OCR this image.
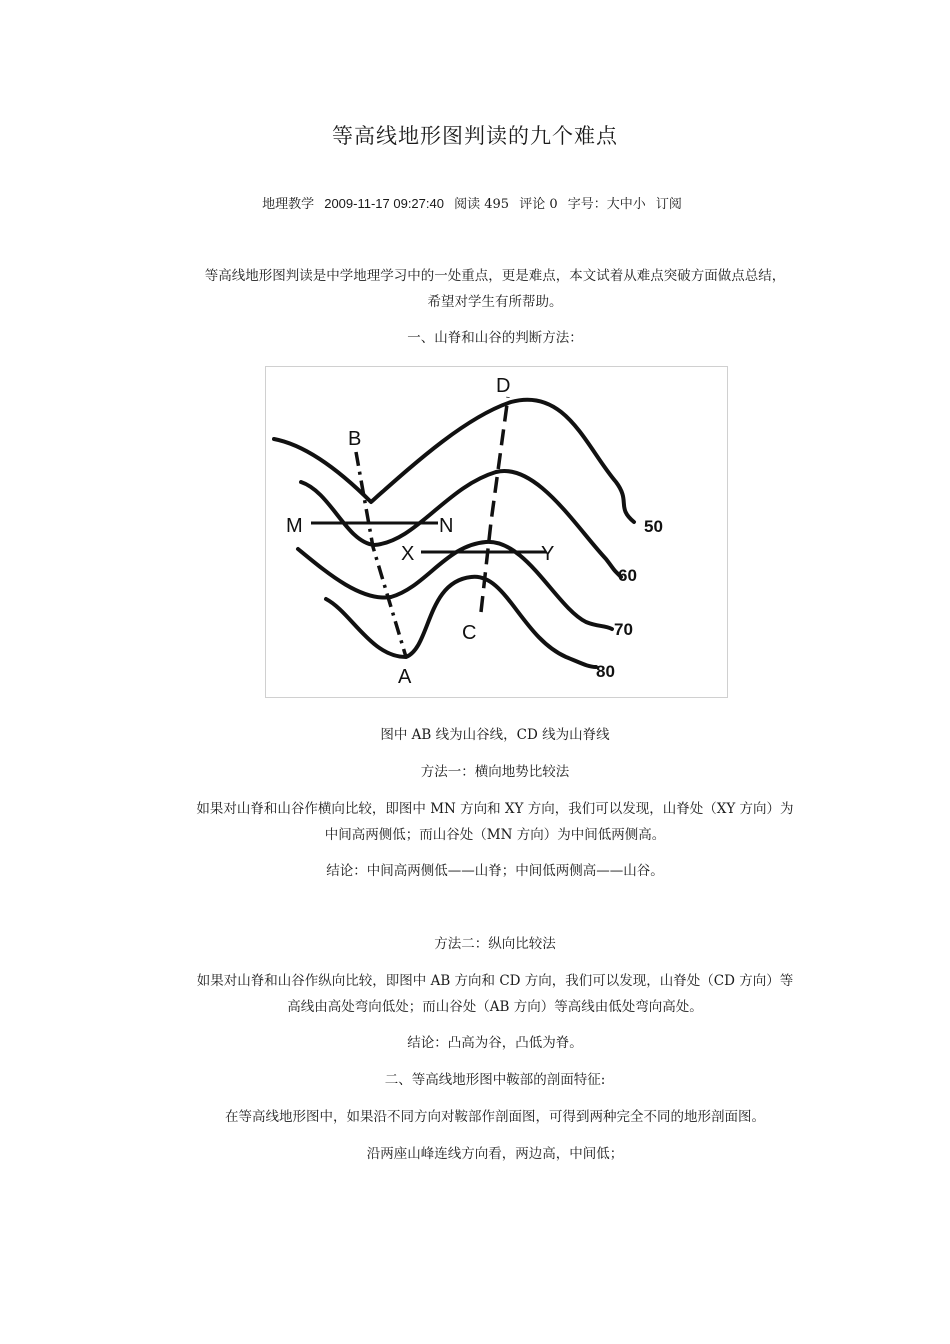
等高线地形图判读的九个难点
地理教学 2009-11-17 09:27:40 阅读 495 评论 0 字号：大中小 订阅
等高线地形图判读是中学地理学习中的一处重点，更是难点，本文试着从难点突破方面做点总结，
希望对学生有所帮助。
一、山脊和山谷的判断方法：
D
B
M	N
X	Y
C
A
50
60
70
80
图中 AB 线为山谷线，CD 线为山脊线
方法一：横向地势比较法
如果对山脊和山谷作横向比较，即图中 MN 方向和 XY 方向，我们可以发现，山脊处（XY 方向）为
中间高两侧低；而山谷处（MN 方向）为中间低两侧高。
结论：中间高两侧低——山脊；中间低两侧高——山谷。
方法二：纵向比较法
如果对山脊和山谷作纵向比较，即图中 AB 方向和 CD 方向，我们可以发现，山脊处（CD 方向）等
高线由高处弯向低处；而山谷处（AB 方向）等高线由低处弯向高处。
结论：凸高为谷，凸低为脊。
二、等高线地形图中鞍部的剖面特征:
在等高线地形图中，如果沿不同方向对鞍部作剖面图，可得到两种完全不同的地形剖面图。
沿两座山峰连线方向看，两边高，中间低；
